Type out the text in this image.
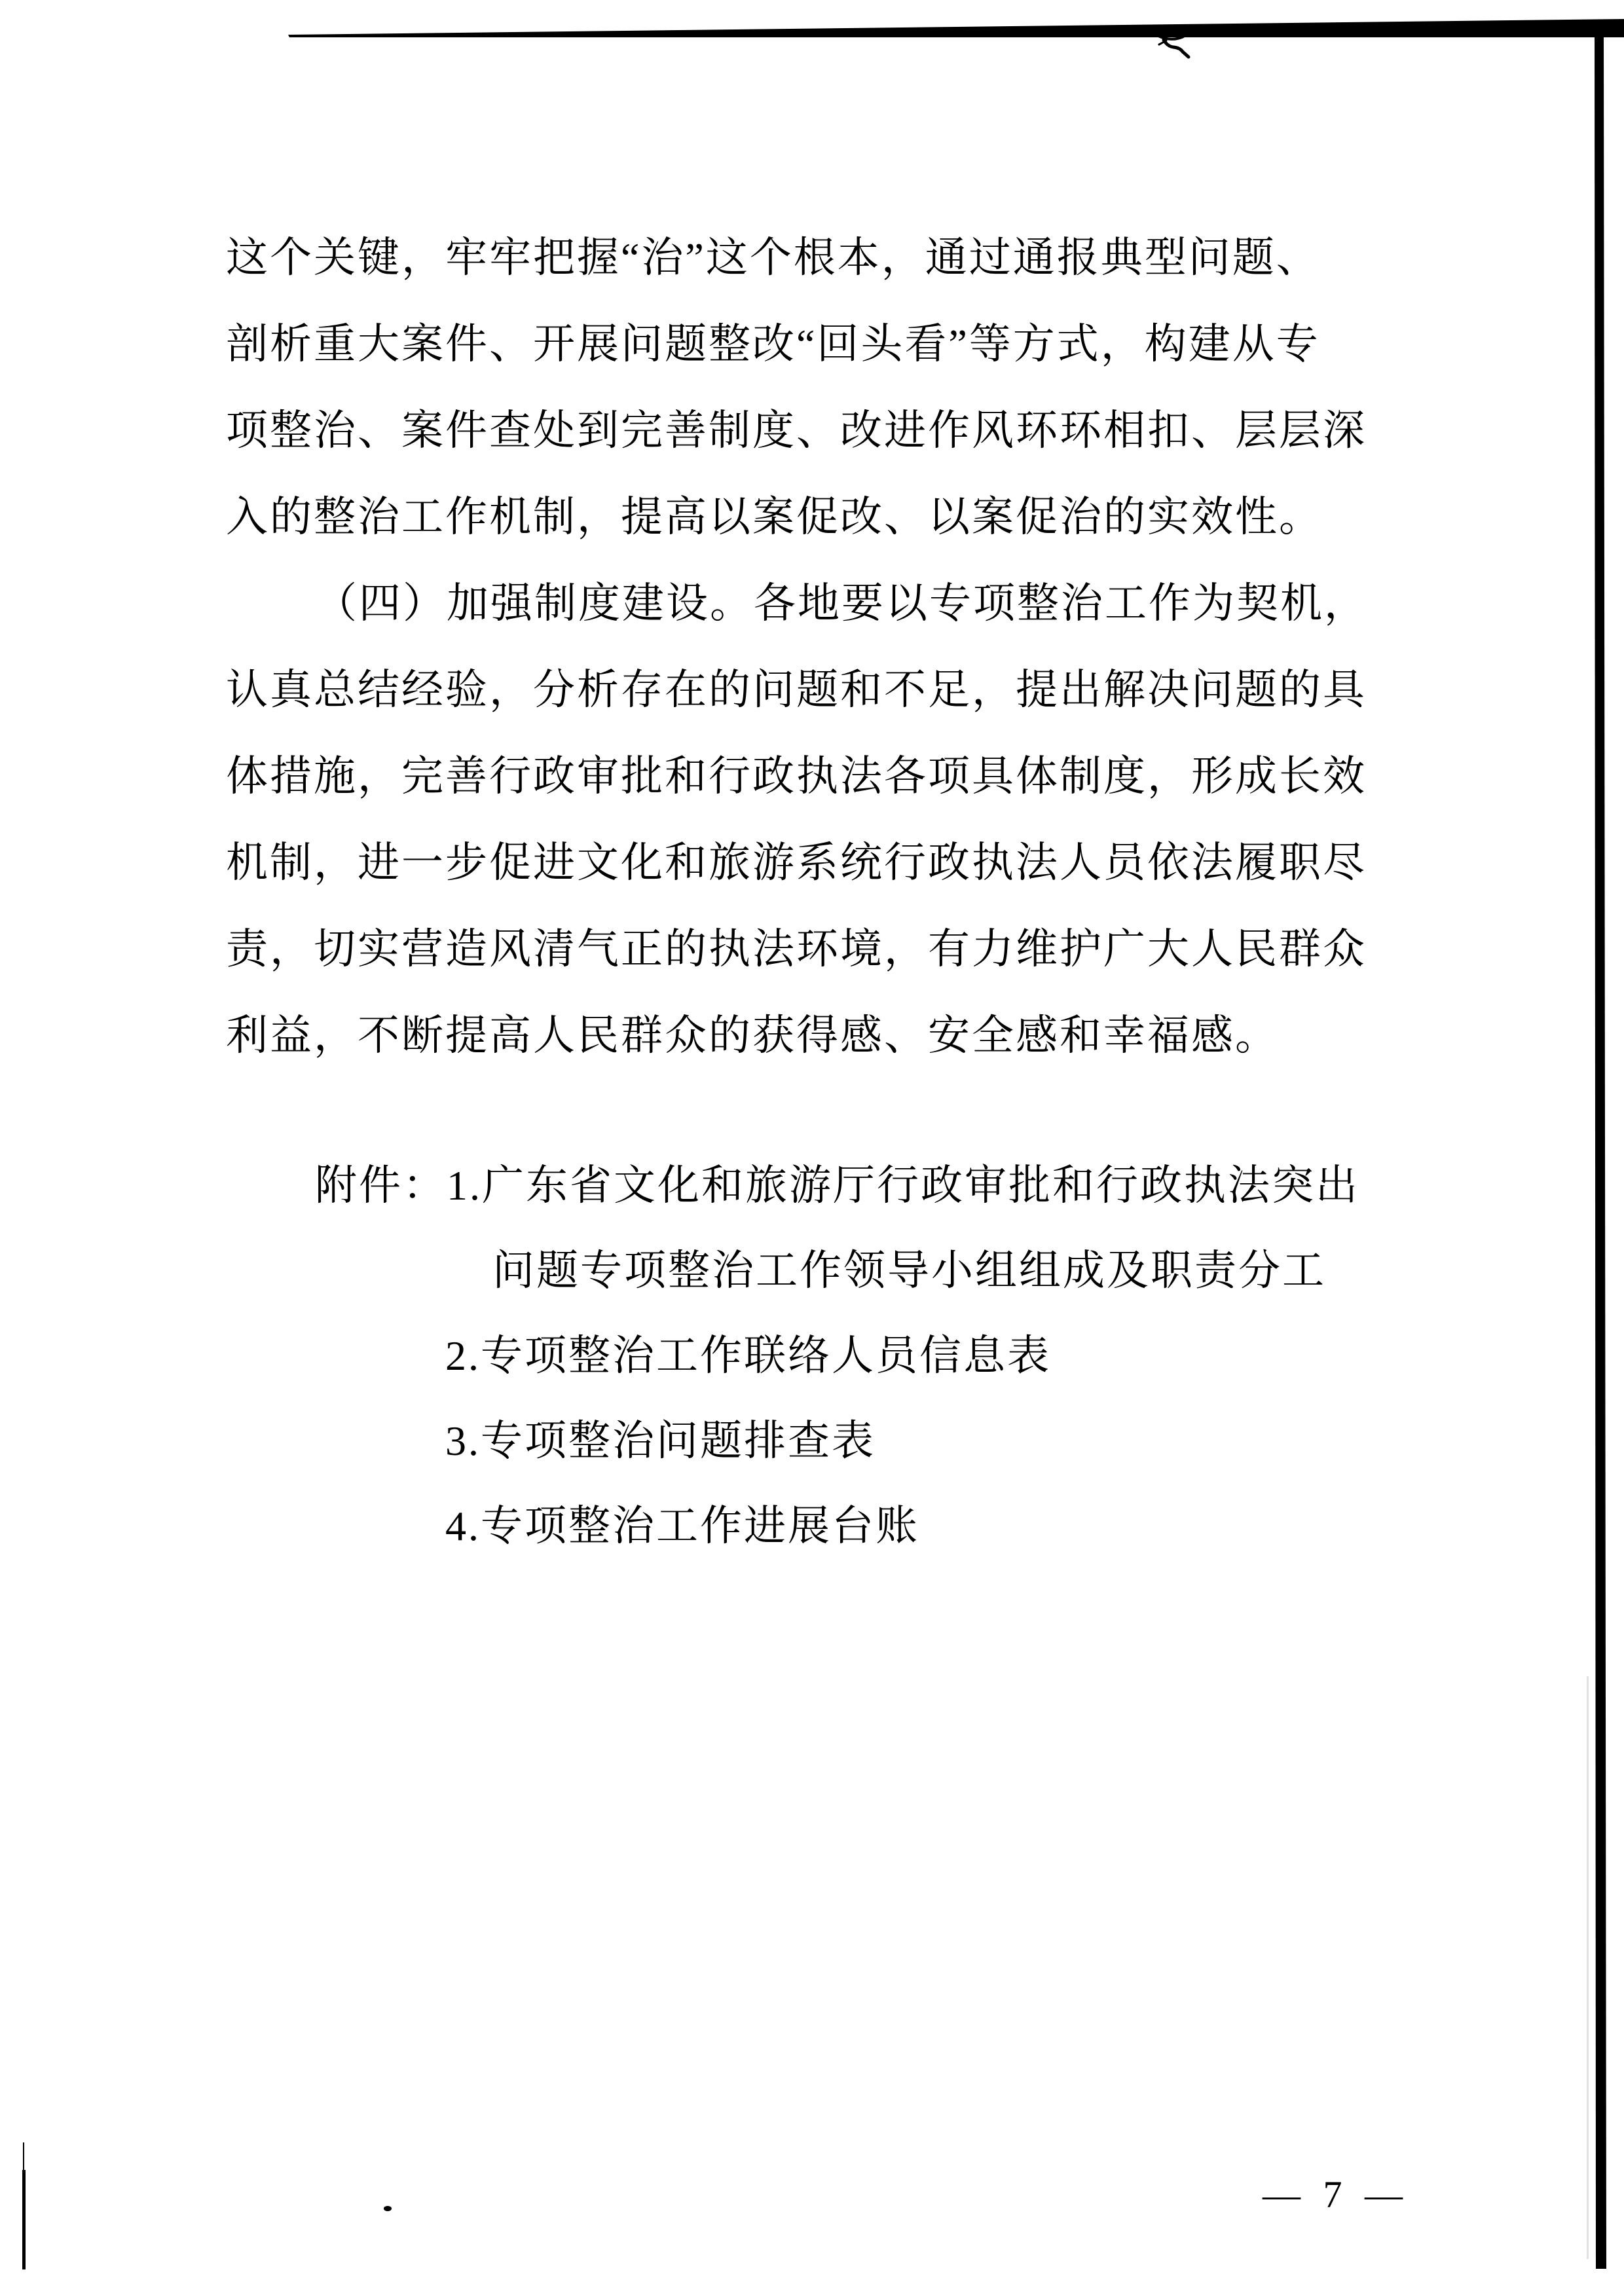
这个关键，牢牢把握“治”这个根本，通过通报典型问题、
剖析重大案件、开展问题整改“回头看”等方式，构建从专
项整治、案件查处到完善制度、改进作风环环相扣、层层深
入的整治工作机制，提高以案促改、以案促治的实效性。
（四）加强制度建设。各地要以专项整治工作为契机，
认真总结经验，分析存在的问题和不足，提出解决问题的具
体措施，完善行政审批和行政执法各项具体制度，形成长效
机制，进一步促进文化和旅游系统行政执法人员依法履职尽
责，切实营造风清气正的执法环境，有力维护广大人民群众
利益，不断提高人民群众的获得感、安全感和幸福感。
附件：1.广东省文化和旅游厅行政审批和行政执法突出
问题专项整治工作领导小组组成及职责分工
2.专项整治工作联络人员信息表
3.专项整治问题排查表
4.专项整治工作进展台账
— 7 —
